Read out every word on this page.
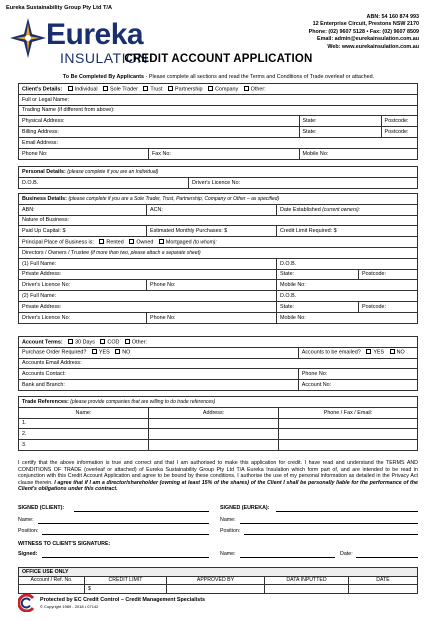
Eureka Sustainability Group Pty Ltd T/A
Eureka
INSULATION
ABN: 54 160 874 993
12 Enterprise Circuit, Prestons NSW 2170
Phone: (02) 9607 5128 • Fax: (02) 9607 8509
Email: admin@eurekainsulation.com.au
Web: www.eurekainsulation.com.au
CREDIT ACCOUNT APPLICATION
To Be Completed By Applicants - Please complete all sections and read the Terms and Conditions of Trade overleaf or attached.
Client's Details: Individual Sole Trader Trust Partnership Company Other:			
Full or Legal Name:			
Trading Name (if different from above):			
Physical Address:		State:	Postcode:
Billing Address:		State:	Postcode:
Email Address:			
Phone No:	Fax No:	Mobile No:	
Personal Details: (please complete if you are an Individual)
D.O.B.	Driver's Licence No:
Business Details: (please complete if you are a Sole Trader, Trust, Partnership, Company or Other – as specified)			
ABN:	ACN:	Date Established (current owners):	
Nature of Business:			
Paid Up Capital: $	Estimated Monthly Purchases: $	Credit Limit Required: $	
Principal Place of Business is: Rented Owned Mortgaged (to whom):			
Directors / Owners / Trustee (if more than two, please attach a separate sheet)			
(1) Full Name:		D.O.B.	
Private Address:		State:	Postcode:
Driver's Licence No:	Phone No:	Mobile No:	
(2) Full Name:		D.O.B.	
Private Address:		State:	Postcode:
Driver's Licence No:	Phone No:	Mobile No:	
Account Terms: 30 Days COD Other:	
Purchase Order Required? YES NO	Accounts to be emailed? YES NO
Accounts Email Address:	
Accounts Contact:	Phone No:
Bank and Branch:	Account No:
Trade References: (please provide companies that are willing to do trade references)		
Name:	Address:	Phone / Fax / Email:
1.		
2.		
3.		
I certify that the above information is true and correct and that I am authorised to make this application for credit. I have read and understand the TERMS AND CONDITIONS OF TRADE (overleaf or attached) of Eureka Sustainability Group Pty Ltd T/A Eureka Insulation which form part of, and are intended to be read in conjunction with this Credit Account Application and agree to be bound by these conditions. I authorise the use of my personal information as detailed in the Privacy Act clause therein. I agree that if I am a director/shareholder (owning at least 15% of the shares) of the Client I shall be personally liable for the performance of the Client's obligations under this contract.
SIGNED (CLIENT):	SIGNED (EUREKA):
Name:	Name:
Position:	Position:
WITNESS TO CLIENT'S SIGNATURE:
Signed:	Name:	Date:
OFFICE USE ONLY				
Account / Ref. No.	CREDIT LIMIT	APPROVED BY	DATA INPUTTED	DATE
	$			
Protected by EC Credit Control – Credit Management Specialists
© Copyright 1989 - 2018 • 07142
